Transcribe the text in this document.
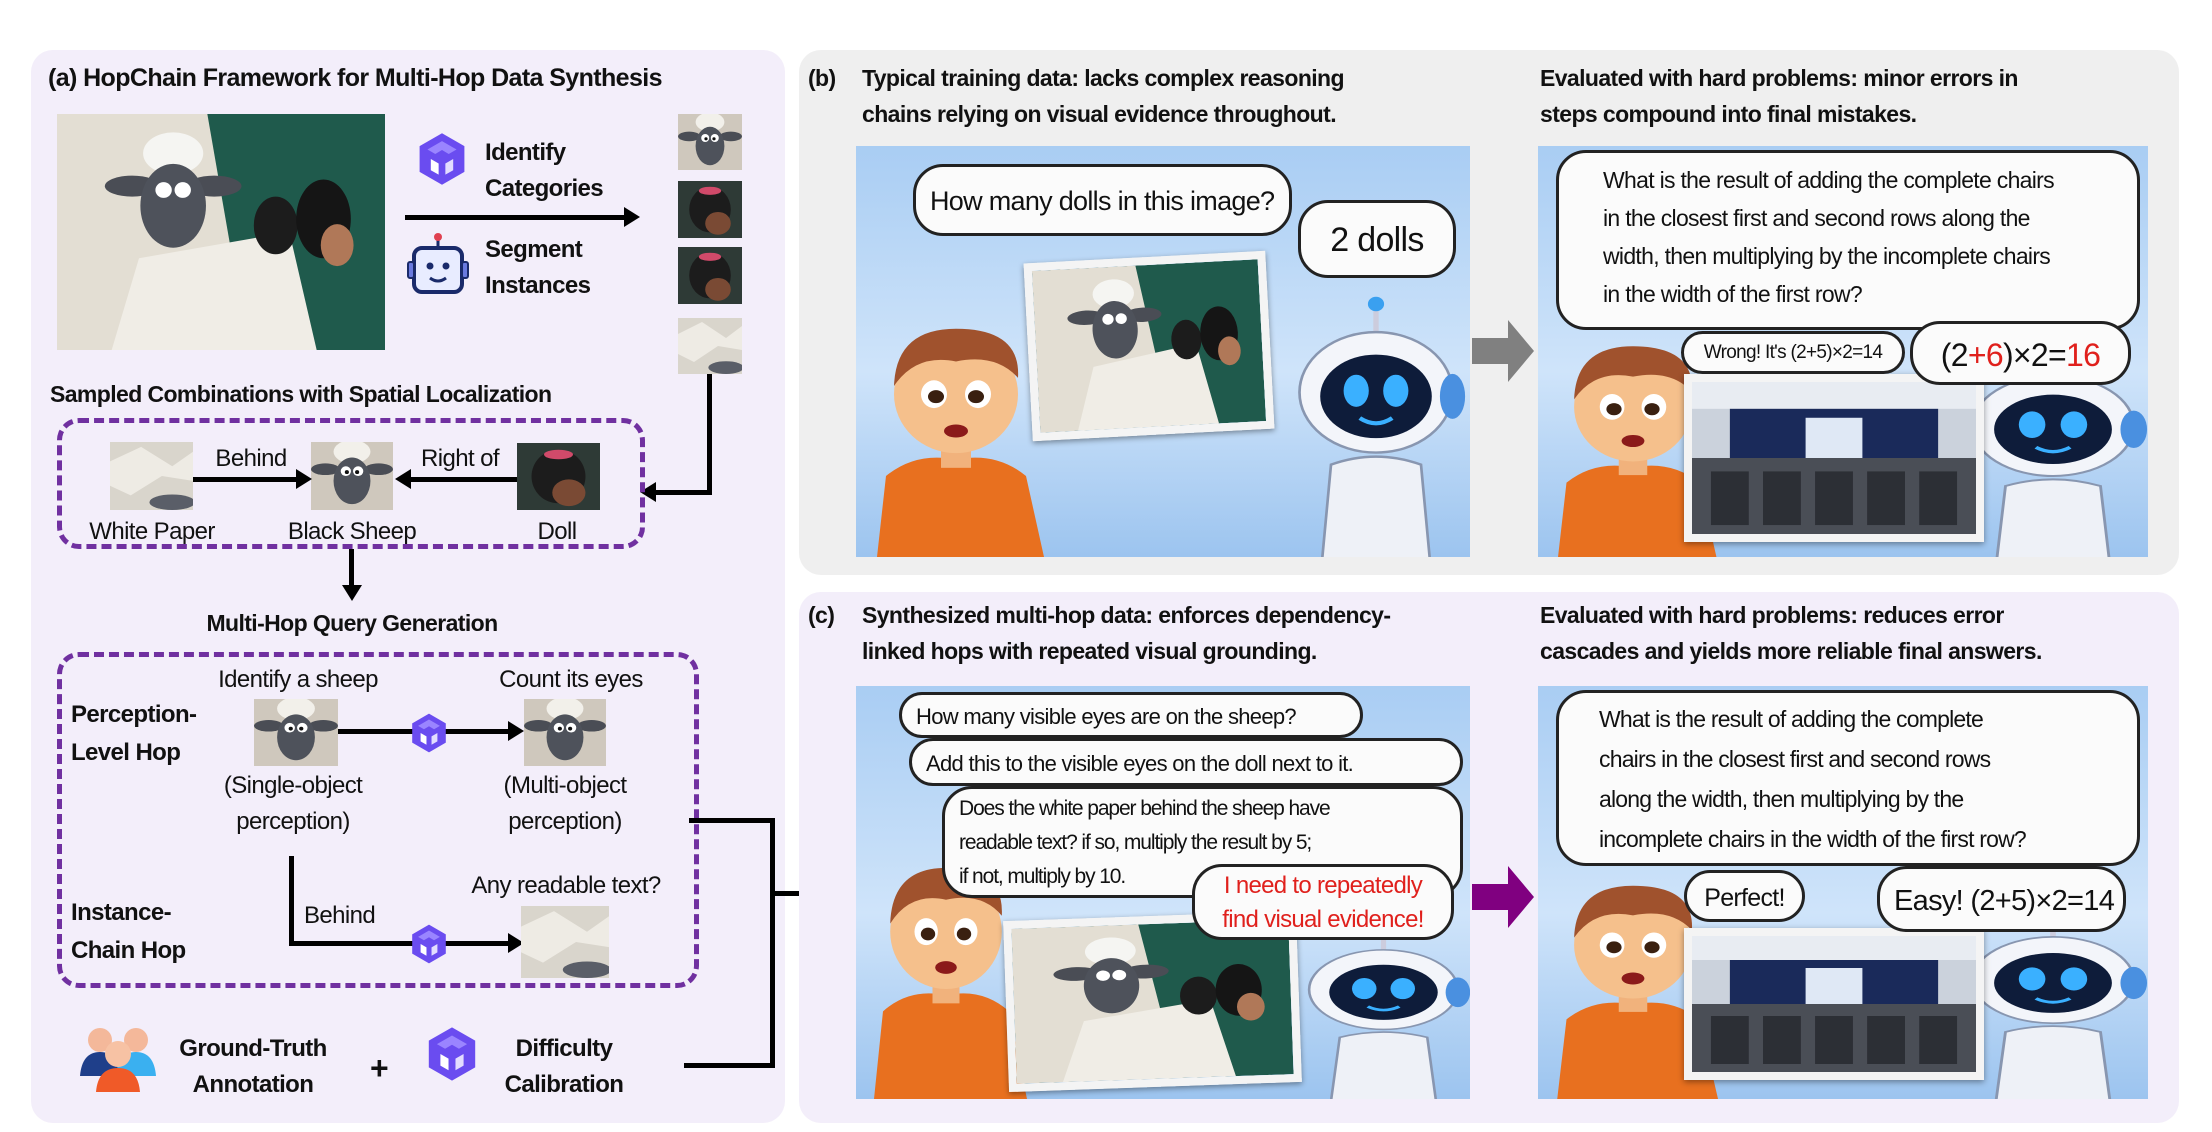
(a) HopChain Framework for Multi-Hop Data Synthesis
Identify
Categories
Segment
Instances
Sampled Combinations with Spatial Localization
White Paper	Black Sheep	Doll
Behind	Right of
Multi-Hop Query Generation
Perception-
Level Hop
Instance-
Chain Hop
Identify a sheep	Count its eyes
(Single-object
perception)
(Multi-object
perception)
Behind
Any readable text?
Ground-Truth
Annotation	+
Difficulty
Calibration
(b) Typical training data: lacks complex reasoning
chains relying on visual evidence throughout.
Evaluated with hard problems: minor errors in
steps compound into final mistakes.
How many dolls in this image?
2 dolls
What is the result of adding the complete chairs
in the closest first and second rows along the
width, then multiplying by the incomplete chairs
in the width of the first row?
Wrong! It's (2+5)×2=14	(2+6)×2=16
(c) Synthesized multi-hop data: enforces dependency-
linked hops with repeated visual grounding.
Evaluated with hard problems: reduces error
cascades and yields more reliable final answers.
How many visible eyes are on the sheep?
Add this to the visible eyes on the doll next to it.
Does the white paper behind the sheep have
readable text? if so, multiply the result by 5;
if not, multiply by 10.	I need to repeatedly
find visual evidence!
What is the result of adding the complete
chairs in the closest first and second rows
along the width, then multiplying by the
incomplete chairs in the width of the first row?
Perfect!	Easy! (2+5)×2=14
